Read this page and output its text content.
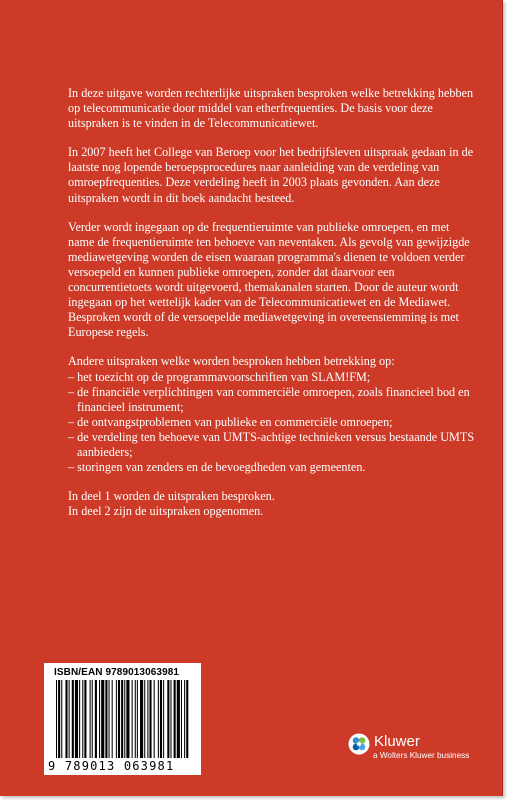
In deze uitgave worden rechterlijke uitspraken besproken welke betrekking hebben op telecommunicatie door middel van etherfrequenties. De basis voor deze uitspraken is te vinden in de Telecommunicatiewet.

In 2007 heeft het College van Beroep voor het bedrijfsleven uitspraak gedaan in de laatste nog lopende beroepsprocedures naar aanleiding van de verdeling van omroepfrequenties. Deze verdeling heeft in 2003 plaats gevonden. Aan deze uitspraken wordt in dit boek aandacht besteed.

Verder wordt ingegaan op de frequentieruimte van publieke omroepen, en met name de frequentieruimte ten behoeve van neventaken. Als gevolg van gewijzigde mediawetgeving worden de eisen waaraan programma's dienen te voldoen verder versoepeld en kunnen publieke omroepen, zonder dat daarvoor een concurrentietoets wordt uitgevoerd, themakanalen starten. Door de auteur wordt ingegaan op het wettelijk kader van de Telecommunicatiewet en de Mediawet. Besproken wordt of de versoepelde mediawetgeving in overeenstemming is met Europese regels.

Andere uitspraken welke worden besproken hebben betrekking op:
– het toezicht op de programmavoorschriften van SLAM!FM;
– de financiële verplichtingen van commerciële omroepen, zoals financieel bod en financieel instrument;
– de ontvangstproblemen van publieke en commerciële omroepen;
– de verdeling ten behoeve van UMTS-achtige technieken versus bestaande UMTS aanbieders;
– storingen van zenders en de bevoegdheden van gemeenten.
In deel 1 worden de uitspraken besproken.
In deel 2 zijn de uitspraken opgenomen.
ISBN/EAN 9789013063981
9 789013 063981
Kluwer
a Wolters Kluwer business
